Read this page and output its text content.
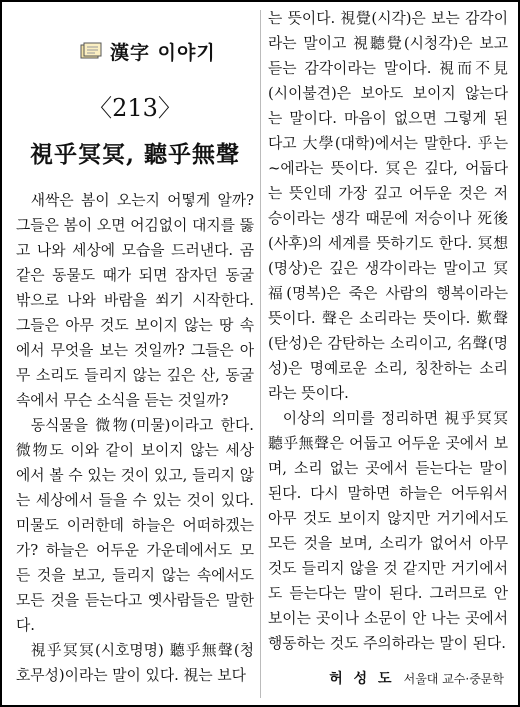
漢字 이야기
〈213〉
視乎冥冥, 聽乎無聲

새싹은 봄이 오는지 어떻게 알까? 그들은 봄이 오면 어김없이 대지를 뚫고 나와 세상에 모습을 드러낸다. 곰 같은 동물도 때가 되면 잠자던 동굴 밖으로 나와 바람을 쐬기 시작한다. 그들은 아무 것도 보이지 않는 땅 속에서 무엇을 보는 것일까? 그들은 아무 소리도 들리지 않는 깊은 산, 동굴 속에서 무슨 소식을 듣는 것일까?

동식물을 微物(미물)이라고 한다. 微物도 이와 같이 보이지 않는 세상에서 볼 수 있는 것이 있고, 들리지 않는 세상에서 들을 수 있는 것이 있다. 미물도 이러한데 하늘은 어떠하겠는가? 하늘은 어두운 가운데에서도 모든 것을 보고, 들리지 않는 속에서도 모든 것을 듣는다고 옛사람들은 말한다.

視乎冥冥(시호명명) 聽乎無聲(청호무성)이라는 말이 있다. 視는 보다

는 뜻이다. 視覺(시각)은 보는 감각이라는 말이고 視聽覺(시청각)은 보고 듣는 감각이라는 말이다. 視而不見(시이불견)은 보아도 보이지 않는다는 말이다. 마음이 없으면 그렇게 된다고 大學(대학)에서는 말한다. 乎는 ~에라는 뜻이다. 冥은 깊다, 어둡다는 뜻인데 가장 깊고 어두운 것은 저승이라는 생각 때문에 저승이나 死後(사후)의 세계를 뜻하기도 한다. 冥想(명상)은 깊은 생각이라는 말이고 冥福(명복)은 죽은 사람의 행복이라는 뜻이다. 聲은 소리라는 뜻이다. 歎聲(탄성)은 감탄하는 소리이고, 名聲(명성)은 명예로운 소리, 칭찬하는 소리라는 뜻이다.

이상의 의미를 정리하면 視乎冥冥 聽乎無聲은 어둡고 어두운 곳에서 보며, 소리 없는 곳에서 듣는다는 말이 된다. 다시 말하면 하늘은 어두워서 아무 것도 보이지 않지만 거기에서도 모든 것을 보며, 소리가 없어서 아무 것도 들리지 않을 것 같지만 거기에서도 듣는다는 말이 된다. 그러므로 안 보이는 곳이나 소문이 안 나는 곳에서 행동하는 것도 주의하라는 말이 된다.

허 성 도 서울대 교수·중문학
